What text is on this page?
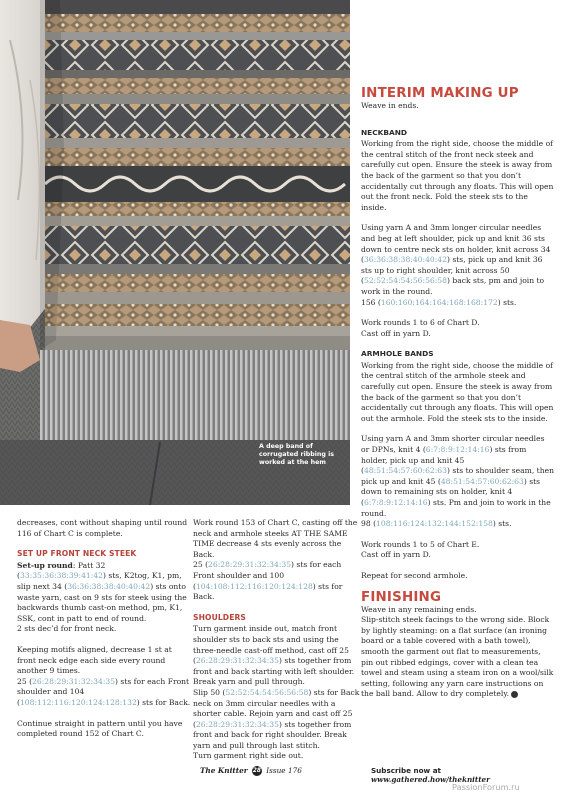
A deep band of corrugated ribbing is worked at the hem

decreases, cont without shaping until round 116 of Chart C is complete.

SET UP FRONT NECK STEEK

Set-up round: Patt 32 (33:35:36:38:39:41:42) sts, K2tog, K1, pm, slip next 34 (36:36:38:38:40:40:42) sts onto waste yarn, cast on 9 sts for steek using the backwards thumb cast-on method, pm, K1, SSK, cont in patt to end of round.

2 sts dec’d for front neck.

Keeping motifs aligned, decrease 1 st at front neck edge each side every round another 9 times.

25 (26:28:29:31:32:34:35) sts for each Front shoulder and 104 (108:112:116:120:124:128:132) sts for Back.

Continue straight in pattern until you have completed round 152 of Chart C.

Work round 153 of Chart C, casting off the neck and armhole steeks AT THE SAME TIME decrease 4 sts evenly across the Back.
25 (26:28:29:31:32:34:35) sts for each Front shoulder and 100 (104:108:112:116:120:124:128) sts for Back.

SHOULDERS

Turn garment inside out, match front shoulder sts to back sts and using the three-needle cast-off method, cast off 25 (26:28:29:31:32:34:35) sts together from front and back starting with left shoulder. Break yarn and pull through.
Slip 50 (52:52:54:54:56:56:58) sts for Back neck on 3mm circular needles with a shorter cable. Rejoin yarn and cast off 25 (26:28:29:31:32:34:35) sts together from front and back for right shoulder. Break yarn and pull through last stitch.
Turn garment right side out.

INTERIM MAKING UP

Weave in ends.

NECKBAND

Working from the right side, choose the middle of the central stitch of the front neck steek and carefully cut open. Ensure the steek is away from the back of the garment so that you don’t accidentally cut through any floats. This will open out the front neck. Fold the steek sts to the inside.

Using yarn A and 3mm longer circular needles and beg at left shoulder, pick up and knit 36 sts down to centre neck sts on holder, knit across 34 (36:36:38:38:40:40:42) sts, pick up and knit 36 sts up to right shoulder, knit across 50 (52:52:54:54:56:56:58) back sts, pm and join to work in the round.

156 (160:160:164:164:168:168:172) sts.

Work rounds 1 to 6 of Chart D.

Cast off in yarn D.

ARMHOLE BANDS

Working from the right side, choose the middle of the central stitch of the armhole steek and carefully cut open. Ensure the steek is away from the back of the garment so that you don’t accidentally cut through any floats. This will open out the armhole. Fold the steek sts to the inside.

Using yarn A and 3mm shorter circular needles or DPNs, knit 4 (6:7:8:9:12:14:16) sts from holder, pick up and knit 45 (48:51:54:57:60:62:63) sts to shoulder seam, then pick up and knit 45 (48:51:54:57:60:62:63) sts down to remaining sts on holder, knit 4 (6:7:8:9:12:14:16) sts. Pm and join to work in the round.

98 (108:116:124:132:144:152:158) sts.

Work rounds 1 to 5 of Chart E.

Cast off in yarn D.

Repeat for second armhole.

FINISHING

Weave in any remaining ends.

Slip-stitch steek facings to the wrong side. Block by lightly steaming: on a flat surface (an ironing board or a table covered with a bath towel), smooth the garment out flat to measurements, pin out ribbed edgings, cover with a clean tea towel and steam using a steam iron on a wool/silk setting, following any yarn care instructions on the ball band. Allow to dry completely.

The Knitter 28 Issue 176	Subscribe now at www.gathered.how/theknitter
PassionForum.ru
